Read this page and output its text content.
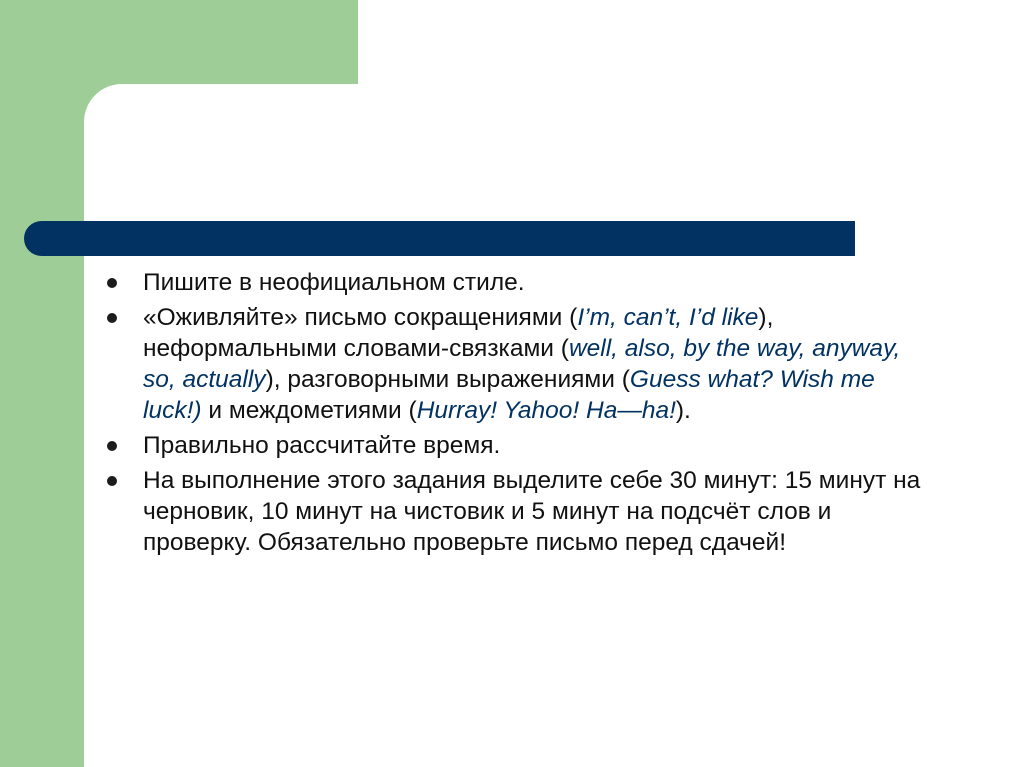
Пишите в неофициальном стиле.
«Оживляйте» письмо сокращениями (I’m, can’t, I’d like), неформальными словами-связками (well, also, by the way, anyway, so, actually), разговорными выражениями (Guess what? Wish me luck!) и междометиями (Hurray! Yahoo! Ha—ha!).
Правильно рассчитайте время.
На выполнение этого задания выделите себе 30 минут: 15 минут на черновик, 10 минут на чистовик и 5 минут на подсчёт слов и проверку. Обязательно проверьте письмо перед сдачей!
